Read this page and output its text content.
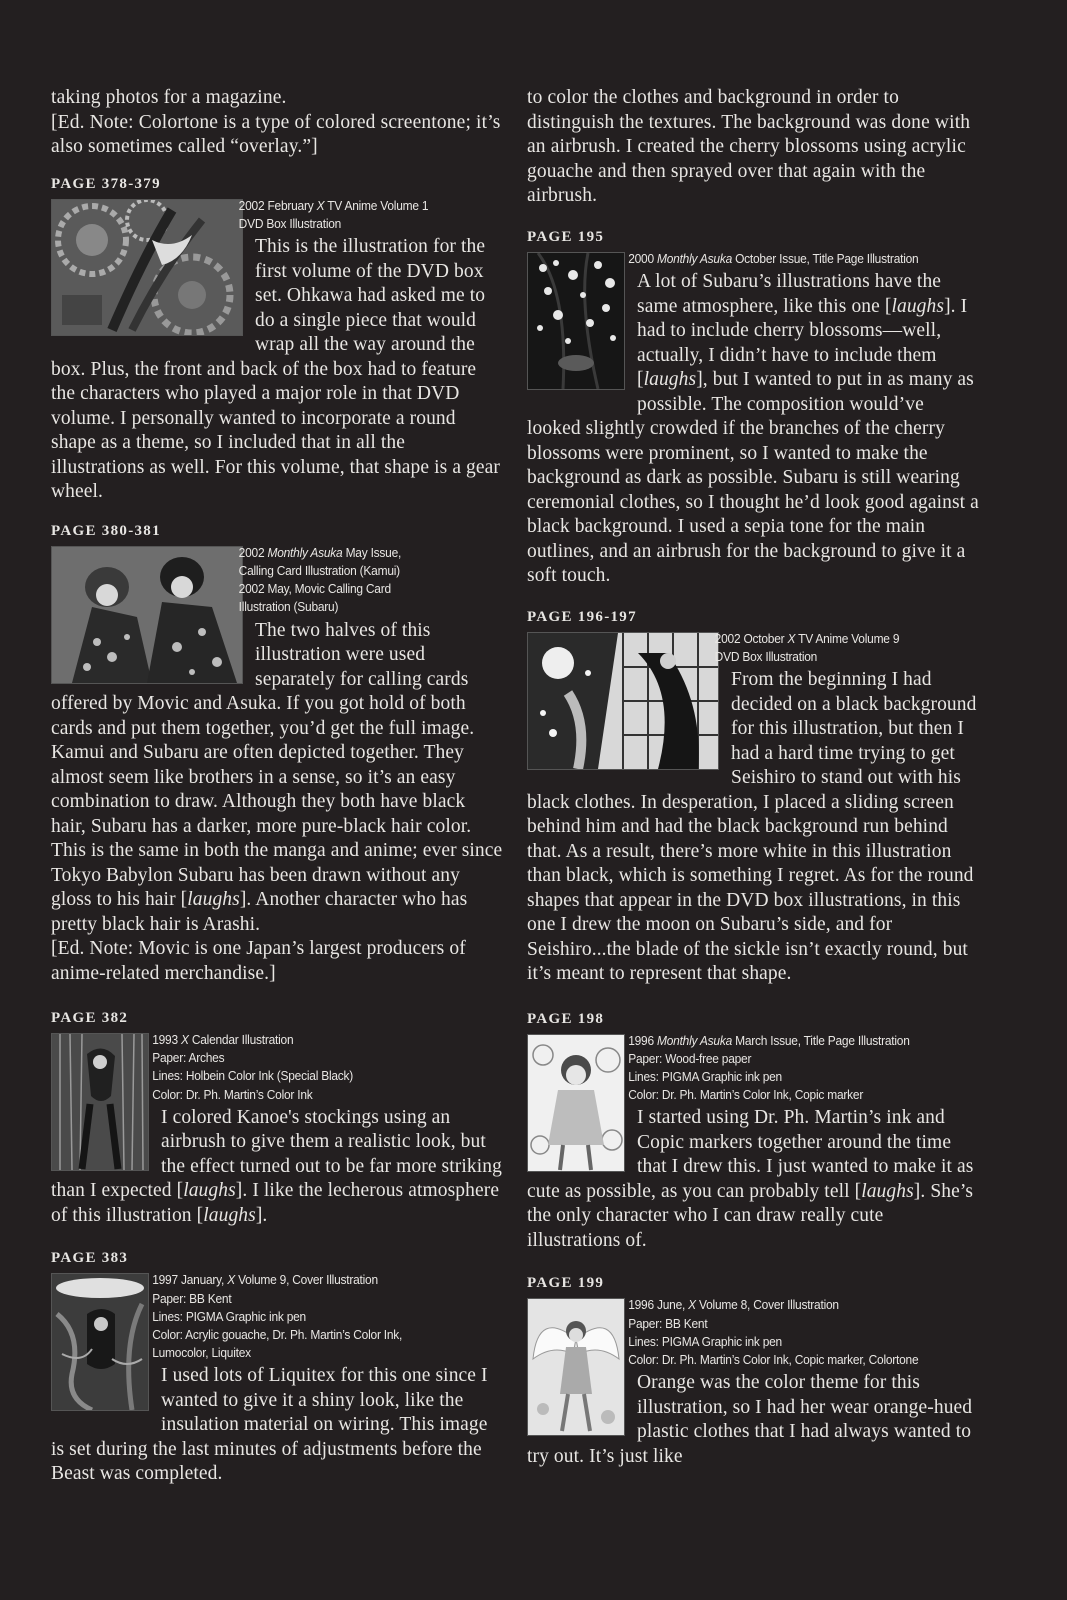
taking photos for a magazine.
[Ed. Note: Colortone is a type of colored screentone; it’s also sometimes called “overlay.”]
PAGE 378-379
2002 February X TV Anime Volume 1
DVD Box Illustration
This is the illustration for the first volume of the DVD box set. Ohkawa had asked me to do a single piece that would wrap all the way around the box. Plus, the front and back of the box had to feature the characters who played a major role in that DVD volume. I personally wanted to incorporate a round shape as a theme, so I included that in all the illustrations as well. For this volume, that shape is a gear wheel.
PAGE 380-381
2002 Monthly Asuka May Issue,
Calling Card Illustration (Kamui)
2002 May, Movic Calling Card
Illustration (Subaru)
The two halves of this illustration were used separately for calling cards offered by Movic and Asuka. If you got hold of both cards and put them together, you’d get the full image. Kamui and Subaru are often depicted together. They almost seem like brothers in a sense, so it’s an easy combination to draw. Although they both have black hair, Subaru has a darker, more pure-black hair color. This is the same in both the manga and anime; ever since Tokyo Babylon Subaru has been drawn without any gloss to his hair [laughs]. Another character who has pretty black hair is Arashi.
[Ed. Note: Movic is one Japan’s largest producers of anime-related merchandise.]
PAGE 382
1993 X Calendar Illustration
Paper: Arches
Lines: Holbein Color Ink (Special Black)
Color: Dr. Ph. Martin’s Color Ink
I colored Kanoe's stockings using an airbrush to give them a realistic look, but the effect turned out to be far more striking than I expected [laughs]. I like the lecherous atmosphere of this illustration [laughs].
PAGE 383
1997 January, X Volume 9, Cover Illustration
Paper: BB Kent
Lines: PIGMA Graphic ink pen
Color: Acrylic gouache, Dr. Ph. Martin’s Color Ink,
Lumocolor, Liquitex
I used lots of Liquitex for this one since I wanted to give it a shiny look, like the insulation material on wiring. This image is set during the last minutes of adjustments before the Beast was completed.
to color the clothes and background in order to distinguish the textures. The background was done with an airbrush. I created the cherry blossoms using acrylic gouache and then sprayed over that again with the airbrush.
PAGE 195
2000 Monthly Asuka October Issue, Title Page Illustration
A lot of Subaru’s illustrations have the same atmosphere, like this one [laughs]. I had to include cherry blossoms—well, actually, I didn’t have to include them [laughs], but I wanted to put in as many as possible. The composition would’ve looked slightly crowded if the branches of the cherry blossoms were prominent, so I wanted to make the background as dark as possible. Subaru is still wearing ceremonial clothes, so I thought he’d look good against a black background. I used a sepia tone for the main outlines, and an airbrush for the background to give it a soft touch.
PAGE 196-197
2002 October X TV Anime Volume 9
DVD Box Illustration
From the beginning I had decided on a black background for this illustration, but then I had a hard time trying to get Seishiro to stand out with his black clothes. In desperation, I placed a sliding screen behind him and had the black background run behind that. As a result, there’s more white in this illustration than black, which is something I regret. As for the round shapes that appear in the DVD box illustrations, in this one I drew the moon on Subaru’s side, and for Seishiro...the blade of the sickle isn’t exactly round, but it’s meant to represent that shape.
PAGE 198
1996 Monthly Asuka March Issue, Title Page Illustration
Paper: Wood-free paper
Lines: PIGMA Graphic ink pen
Color: Dr. Ph. Martin’s Color Ink, Copic marker
I started using Dr. Ph. Martin’s ink and Copic markers together around the time that I drew this. I just wanted to make it as cute as possible, as you can probably tell [laughs]. She’s the only character who I can draw really cute illustrations of.
PAGE 199
1996 June, X Volume 8, Cover Illustration
Paper: BB Kent
Lines: PIGMA Graphic ink pen
Color: Dr. Ph. Martin’s Color Ink, Copic marker, Colortone
Orange was the color theme for this illustration, so I had her wear orange-hued plastic clothes that I had always wanted to try out. It’s just like
